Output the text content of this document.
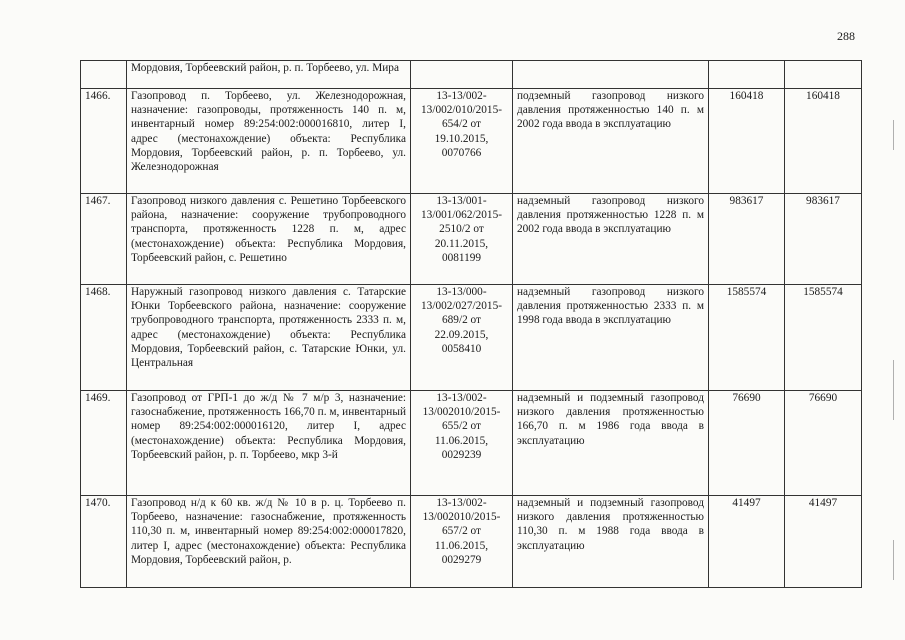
288
	Мордовия, Торбеевский район, р. п. Торбеево, ул. Мира				
1466.	Газопровод п. Торбеево, ул. Железнодорожная, назначение: газопроводы, протяженность 140 п. м, инвентарный номер 89:254:002:000016810, литер I, адрес (местонахождение) объекта: Республика Мордовия, Торбеевский район, р. п. Торбеево, ул. Железнодорожная	13-13/002-13/002/010/2015-654/2 от 19.10.2015, 0070766	подземный газопровод низкого давления протяженностью 140 п. м 2002 года ввода в эксплуатацию	160418	160418
1467.	Газопровод низкого давления с. Решетино Торбеевского района, назначение: сооружение трубопроводного транспорта, протяженность 1228 п. м, адрес (местонахождение) объекта: Республика Мордовия, Торбеевский район, с. Решетино	13-13/001-13/001/062/2015-2510/2 от 20.11.2015, 0081199	надземный газопровод низкого давления протяженностью 1228 п. м 2002 года ввода в эксплуатацию	983617	983617
1468.	Наружный газопровод низкого давления с. Татарские Юнки Торбеевского района, назначение: сооружение трубопроводного транспорта, протяженность 2333 п. м, адрес (местонахождение) объекта: Республика Мордовия, Торбеевский район, с. Татарские Юнки, ул. Центральная	13-13/000-13/002/027/2015-689/2 от 22.09.2015, 0058410	надземный газопровод низкого давления протяженностью 2333 п. м 1998 года ввода в эксплуатацию	1585574	1585574
1469.	Газопровод от ГРП-1 до ж/д № 7 м/р 3, назначение: газоснабжение, протяженность 166,70 п. м, инвентарный номер 89:254:002:000016120, литер I, адрес (местонахождение) объекта: Республика Мордовия, Торбеевский район, р. п. Торбеево, мкр 3-й	13-13/002-13/002010/2015-655/2 от 11.06.2015, 0029239	надземный и подземный газопровод низкого давления протяженностью 166,70 п. м 1986 года ввода в эксплуатацию	76690	76690
1470.	Газопровод н/д к 60 кв. ж/д № 10 в р. ц. Торбеево п. Торбеево, назначение: газоснабжение, протяженность 110,30 п. м, инвентарный номер 89:254:002:000017820, литер I, адрес (местонахождение) объекта: Республика Мордовия, Торбеевский район, р.	13-13/002-13/002010/2015-657/2 от 11.06.2015, 0029279	надземный и подземный газопровод низкого давления протяженностью 110,30 п. м 1988 года ввода в эксплуатацию	41497	41497
